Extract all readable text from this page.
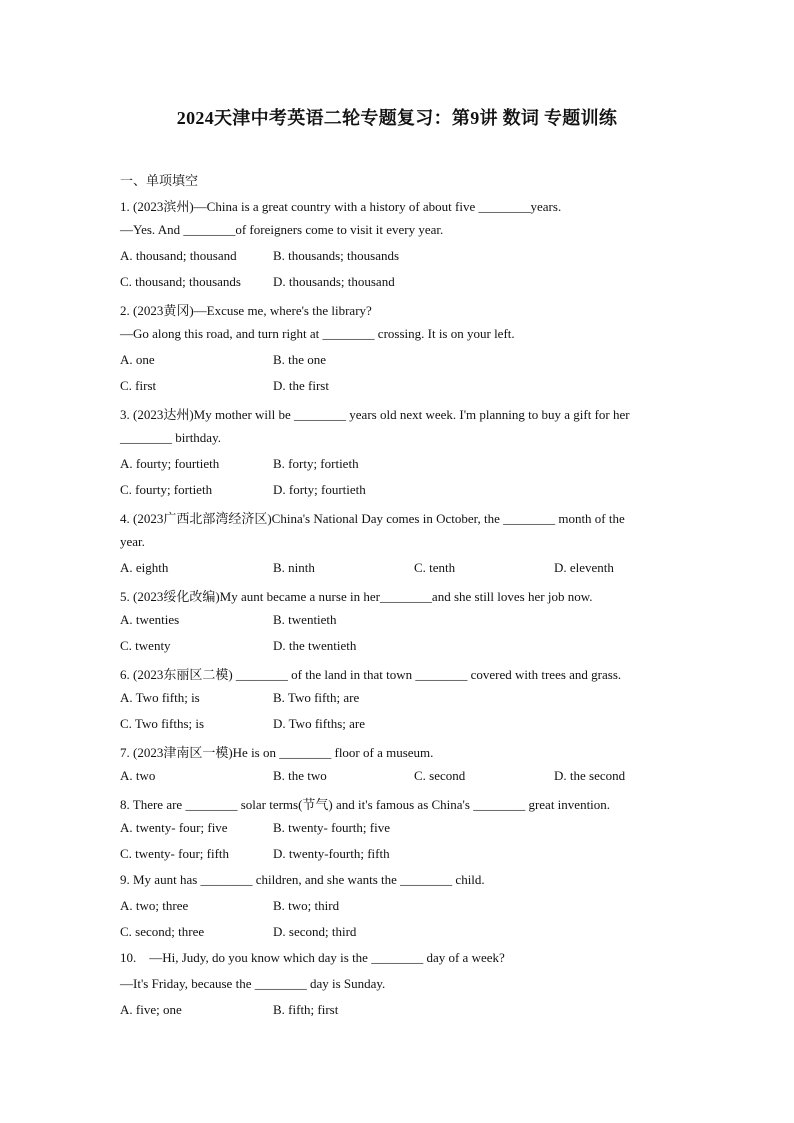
2024天津中考英语二轮专题复习：第9讲 数词 专题训练
一、单项填空
1. (2023滨州)—China is a great country with a history of about five ________years.
—Yes. And ________of foreigners come to visit it every year.
A. thousand; thousand	B. thousands; thousands
C. thousand; thousands D. thousands; thousand
2. (2023黄冈)—Excuse me, where's the library?
—Go along this road, and turn right at ________ crossing. It is on your left.
A. one	B. the one
C. first	D. the first
3. (2023达州)My mother will be ________ years old next week. I'm planning to buy a gift for her
________ birthday.
A. fourty; fourtieth	B. forty; fortieth
C. fourty; fortieth	D. forty; fourtieth
4. (2023广西北部湾经济区)China's National Day comes in October, the ________ month of the
year.
A. eighth	B. ninth	C. tenth	D. eleventh
5. (2023绥化改编)My aunt became a nurse in her________and she still loves her job now.
A. twenties	B. twentieth
C. twenty	D. the twentieth
6. (2023东丽区二模) ________ of the land in that town ________ covered with trees and grass.
A. Two fifth; is	B. Two fifth; are
C. Two fifths; is	D. Two fifths; are
7. (2023津南区一模)He is on ________ floor of a museum.
A. two	B. the two	C. second	D. the second
8. There are ________ solar terms(节气) and it's famous as China's ________ great invention.
A. twenty- four; five	B. twenty- fourth; five
C. twenty- four; fifth	D. twenty-fourth; fifth
9. My aunt has ________ children, and she wants the ________ child.
A. two; three	B. two; third
C. second; three	D. second; third
10.    —Hi, Judy, do you know which day is the ________ day of a week?
—It's Friday, because the ________ day is Sunday.
A. five; one	B. fifth; first
